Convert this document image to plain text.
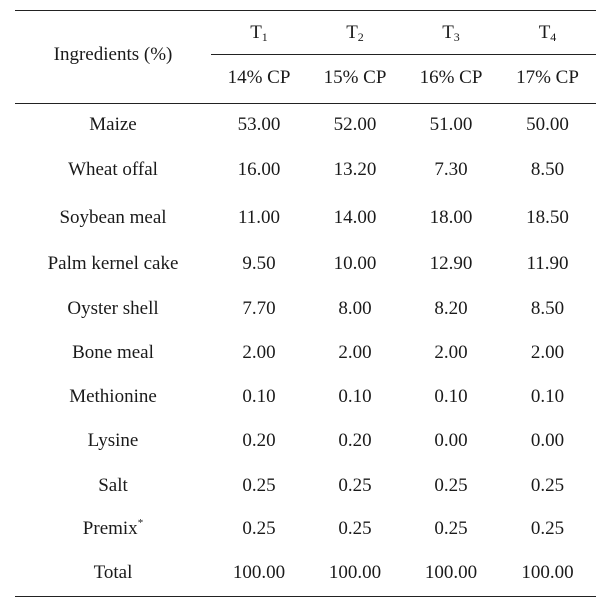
Ingredients (%)
$T_1$	$T_2$	$T_3$	$T_4$
14% CP	15% CP	16% CP	17% CP
Maize	53.00	52.00	51.00	50.00
Wheat offal	16.00	13.20	7.30	8.50
Soybean meal	11.00	14.00	18.00	18.50
Palm kernel cake	9.50	10.00	12.90	11.90
Oyster shell	7.70	8.00	8.20	8.50
Bone meal	2.00	2.00	2.00	2.00
Methionine	0.10	0.10	0.10	0.10
Lysine	0.20	0.20	0.00	0.00
Salt	0.25	0.25	0.25	0.25
Premix*	0.25	0.25	0.25	0.25
Total	100.00	100.00	100.00	100.00
